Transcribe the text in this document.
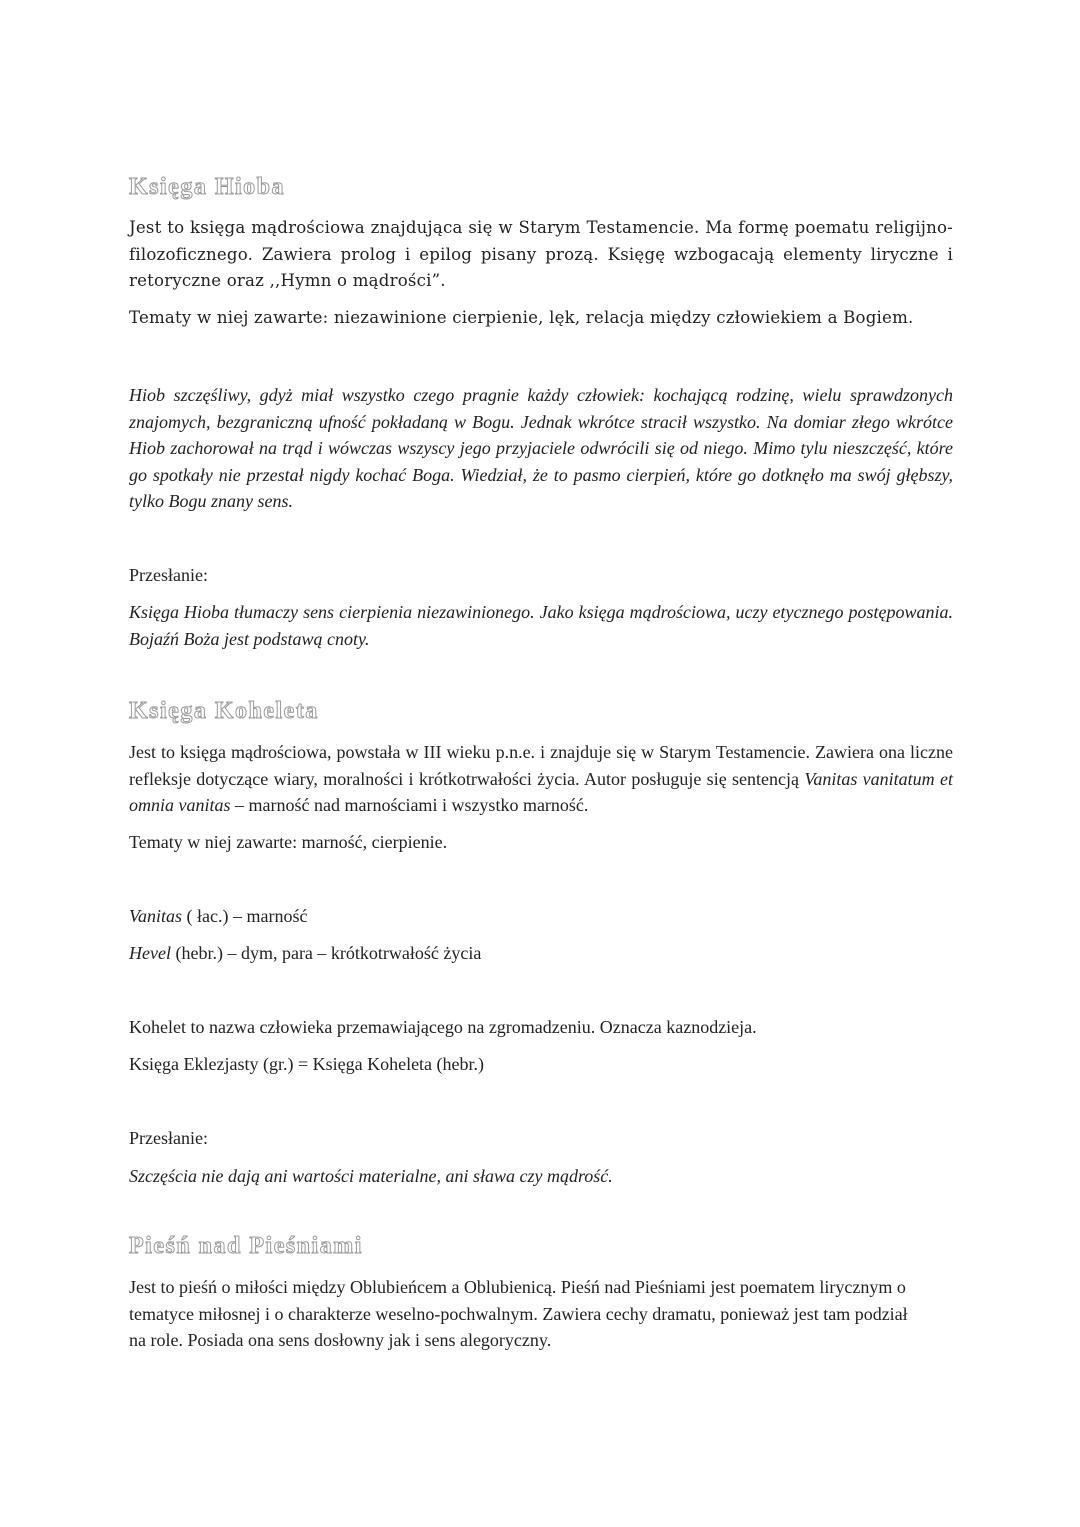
Księga Hioba

Jest to księga mądrościowa znajdująca się w Starym Testamencie. Ma formę poematu religijno-filozoficznego. Zawiera prolog i epilog pisany prozą. Księgę wzbogacają elementy liryczne i retoryczne oraz ,,Hymn o mądrości”.

Tematy w niej zawarte: niezawinione cierpienie, lęk, relacja między człowiekiem a Bogiem.

Hiob szczęśliwy, gdyż miał wszystko czego pragnie każdy człowiek: kochającą rodzinę, wielu sprawdzonych znajomych, bezgraniczną ufność pokładaną w Bogu. Jednak wkrótce stracił wszystko. Na domiar złego wkrótce Hiob zachorował na trąd i wówczas wszyscy jego przyjaciele odwrócili się od niego. Mimo tylu nieszczęść, które go spotkały nie przestał nigdy kochać Boga. Wiedział, że to pasmo cierpień, które go dotknęło ma swój głębszy, tylko Bogu znany sens.

Przesłanie:

Księga Hioba tłumaczy sens cierpienia niezawinionego. Jako księga mądrościowa, uczy etycznego postępowania. Bojaźń Boża jest podstawą cnoty.

Księga Koheleta

Jest to księga mądrościowa, powstała w III wieku p.n.e. i znajduje się w Starym Testamencie. Zawiera ona liczne refleksje dotyczące wiary, moralności i krótkotrwałości życia. Autor posługuje się sentencją Vanitas vanitatum et omnia vanitas – marność nad marnościami i wszystko marność.

Tematy w niej zawarte: marność, cierpienie.

Vanitas ( łac.) – marność

Hevel (hebr.) – dym, para – krótkotrwałość życia

Kohelet to nazwa człowieka przemawiającego na zgromadzeniu. Oznacza kaznodzieja.

Księga Eklezjasty (gr.) = Księga Koheleta (hebr.)

Przesłanie:

Szczęścia nie dają ani wartości materialne, ani sława czy mądrość.

Pieśń nad Pieśniami

Jest to pieśń o miłości między Oblubieńcem a Oblubienicą. Pieśń nad Pieśniami jest poematem lirycznym o tematyce miłosnej i o charakterze weselno-pochwalnym. Zawiera cechy dramatu, ponieważ jest tam podział na role. Posiada ona sens dosłowny jak i sens alegoryczny.
